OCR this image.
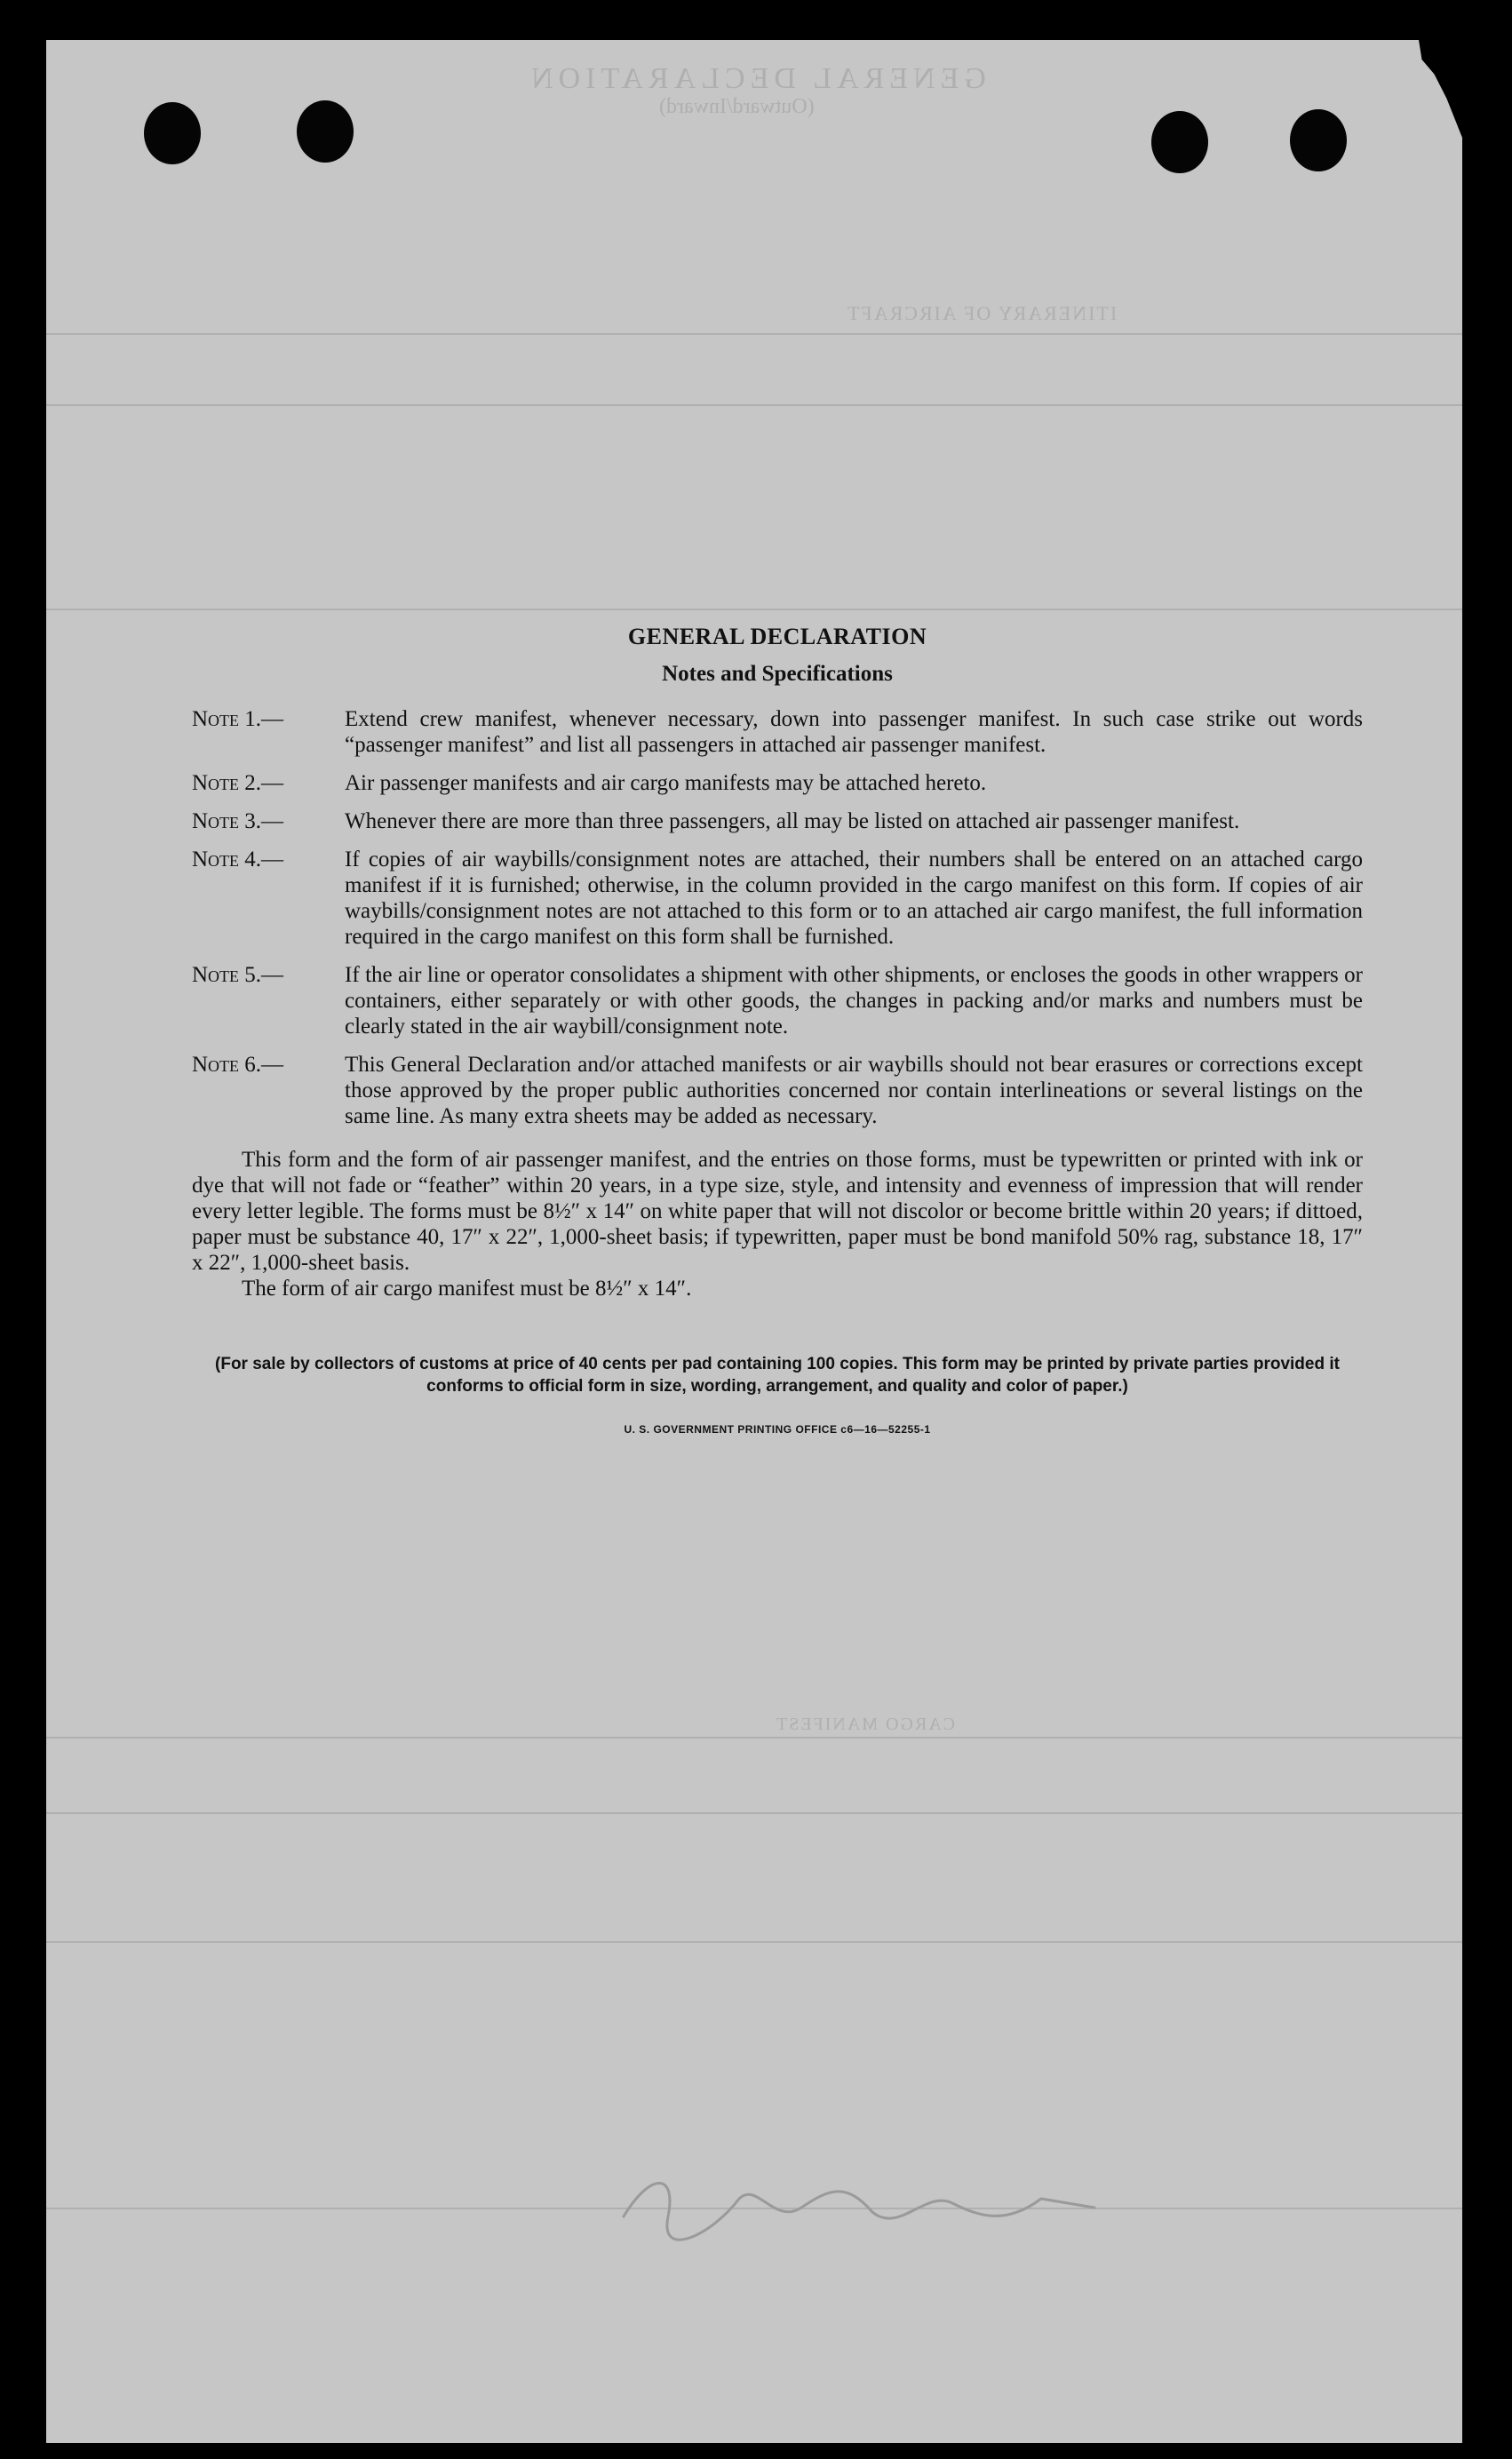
GENERAL DECLARATION
(Outward/Inward)
ITINERARY OF AIRCRAFT
CARGO MANIFEST
GENERAL DECLARATION
Notes and Specifications
Note 1.—	Extend crew manifest, whenever necessary, down into passenger manifest. In such case strike out words “passenger manifest” and list all passengers in attached air passenger manifest.
Note 2.—	Air passenger manifests and air cargo manifests may be attached hereto.
Note 3.—	Whenever there are more than three passengers, all may be listed on attached air passenger manifest.
Note 4.—	If copies of air waybills/consignment notes are attached, their numbers shall be entered on an attached cargo manifest if it is furnished; otherwise, in the column provided in the cargo manifest on this form. If copies of air waybills/consignment notes are not attached to this form or to an attached air cargo manifest, the full information required in the cargo manifest on this form shall be furnished.
Note 5.—	If the air line or operator consolidates a shipment with other shipments, or encloses the goods in other wrappers or containers, either separately or with other goods, the changes in packing and/or marks and numbers must be clearly stated in the air waybill/consignment note.
Note 6.—	This General Declaration and/or attached manifests or air waybills should not bear erasures or corrections except those approved by the proper public authorities concerned nor contain interlineations or several listings on the same line. As many extra sheets may be added as necessary.

This form and the form of air passenger manifest, and the entries on those forms, must be typewritten or printed with ink or dye that will not fade or “feather” within 20 years, in a type size, style, and intensity and evenness of impression that will render every letter legible. The forms must be 8½″ x 14″ on white paper that will not discolor or become brittle within 20 years; if dittoed, paper must be substance 40, 17″ x 22″, 1,000-sheet basis; if typewritten, paper must be bond manifold 50% rag, substance 18, 17″ x 22″, 1,000-sheet basis.

The form of air cargo manifest must be 8½″ x 14″.

(For sale by collectors of customs at price of 40 cents per pad containing 100 copies. This form may be printed by private parties provided it conforms to official form in size, wording, arrangement, and quality and color of paper.)
U. S. GOVERNMENT PRINTING OFFICE c6—16—52255-1
